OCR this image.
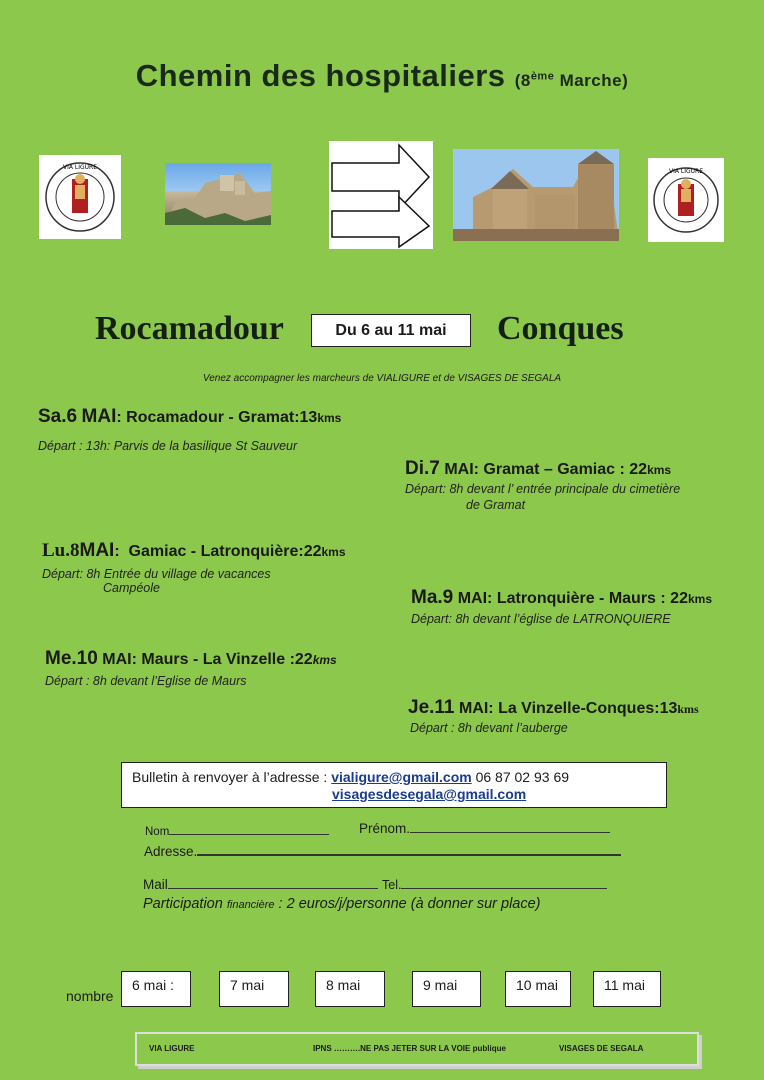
Chemin des hospitaliers (8ème Marche)
VIA LIGURE
VIA LIGURE
Rocamadour	Du 6 au 11 mai	Conques
Venez accompagner les marcheurs de VIALIGURE et de VISAGES DE SEGALA
Sa.6 MAI: Rocamadour - Gramat:13kms
Départ : 13h: Parvis de la basilique St Sauveur
Di.7 MAI: Gramat – Gamiac : 22kms
Départ: 8h devant l’ entrée principale du cimetière
de Gramat
Lu.8MAI:  Gamiac - Latronquière:22kms
Départ: 8h Entrée du village de vacances
Campéole	Ma.9 MAI: Latronquière - Maurs : 22kms
Départ: 8h devant l’église de LATRONQUIERE
Me.10 MAI: Maurs - La Vinzelle :22kms
Départ : 8h devant l’Eglise de Maurs
Je.11 MAI: La Vinzelle-Conques:13kms
Départ : 8h devant l’auberge
Bulletin à renvoyer à l’adresse : vialigure@gmail.com 06 87 02 93 69
visagesdesegala@gmail.com
Nom	Prénom.
Adresse.
Mail	Tel.
Participation financière : 2 euros/j/personne (à donner sur place)
nombre
6 mai :	7 mai	8 mai	9 mai	10 mai	11 mai
VIA LIGURE	IPNS ……….NE PAS JETER SUR LA VOIE publique	VISAGES DE SEGALA
